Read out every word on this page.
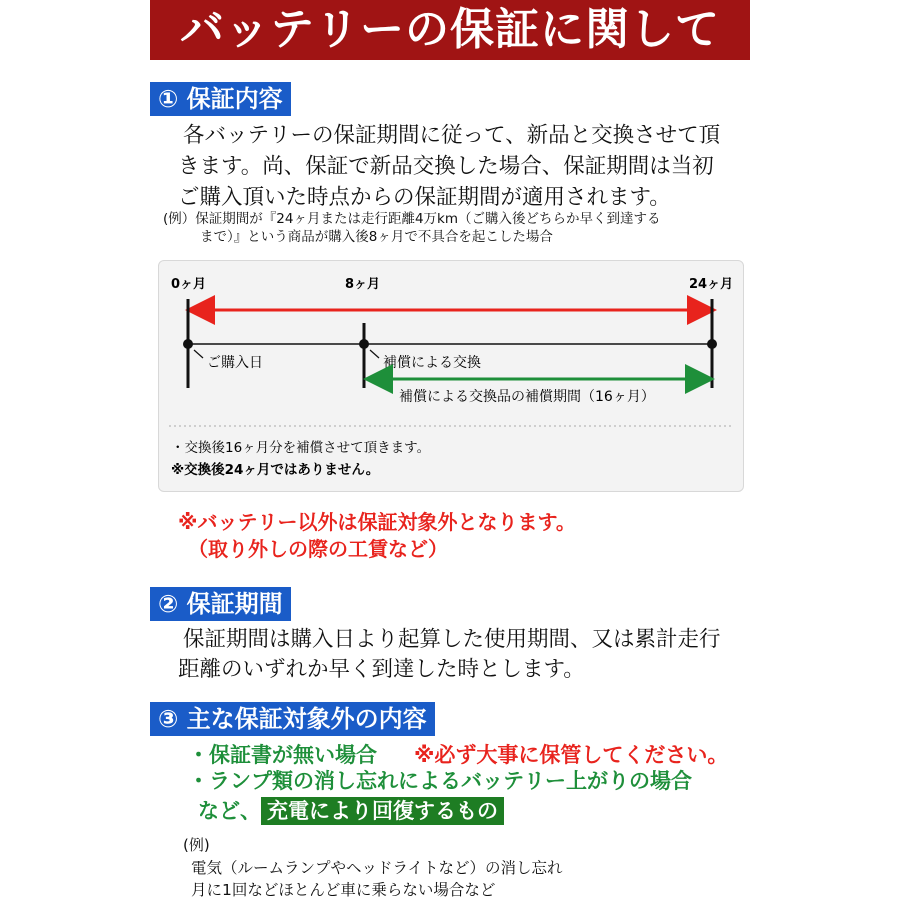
バッテリーの保証に関して
① 保証内容
各バッテリーの保証期間に従って、新品と交換させて頂
きます。尚、保証で新品交換した場合、保証期間は当初
ご購入頂いた時点からの保証期間が適用されます。
(例）保証期間が『24ヶ月または走行距離4万km（ご購入後どちらか早く到達する
まで）』という商品が購入後8ヶ月で不具合を起こした場合
0ヶ月	8ヶ月	24ヶ月
ご購入日	補償による交換
補償による交換品の補償期間（16ヶ月）
・交換後16ヶ月分を補償させて頂きます。
※交換後24ヶ月ではありません。
※バッテリー以外は保証対象外となります。
（取り外しの際の工賃など）
② 保証期間
保証期間は購入日より起算した使用期間、又は累計走行
距離のいずれか早く到達した時とします。
③ 主な保証対象外の内容
・保証書が無い場合 ※必ず大事に保管してください。
・ランプ類の消し忘れによるバッテリー上がりの場合
など、 充電により回復するもの
(例)
電気（ルームランプやヘッドライトなど）の消し忘れ
月に1回などほとんど車に乗らない場合など
